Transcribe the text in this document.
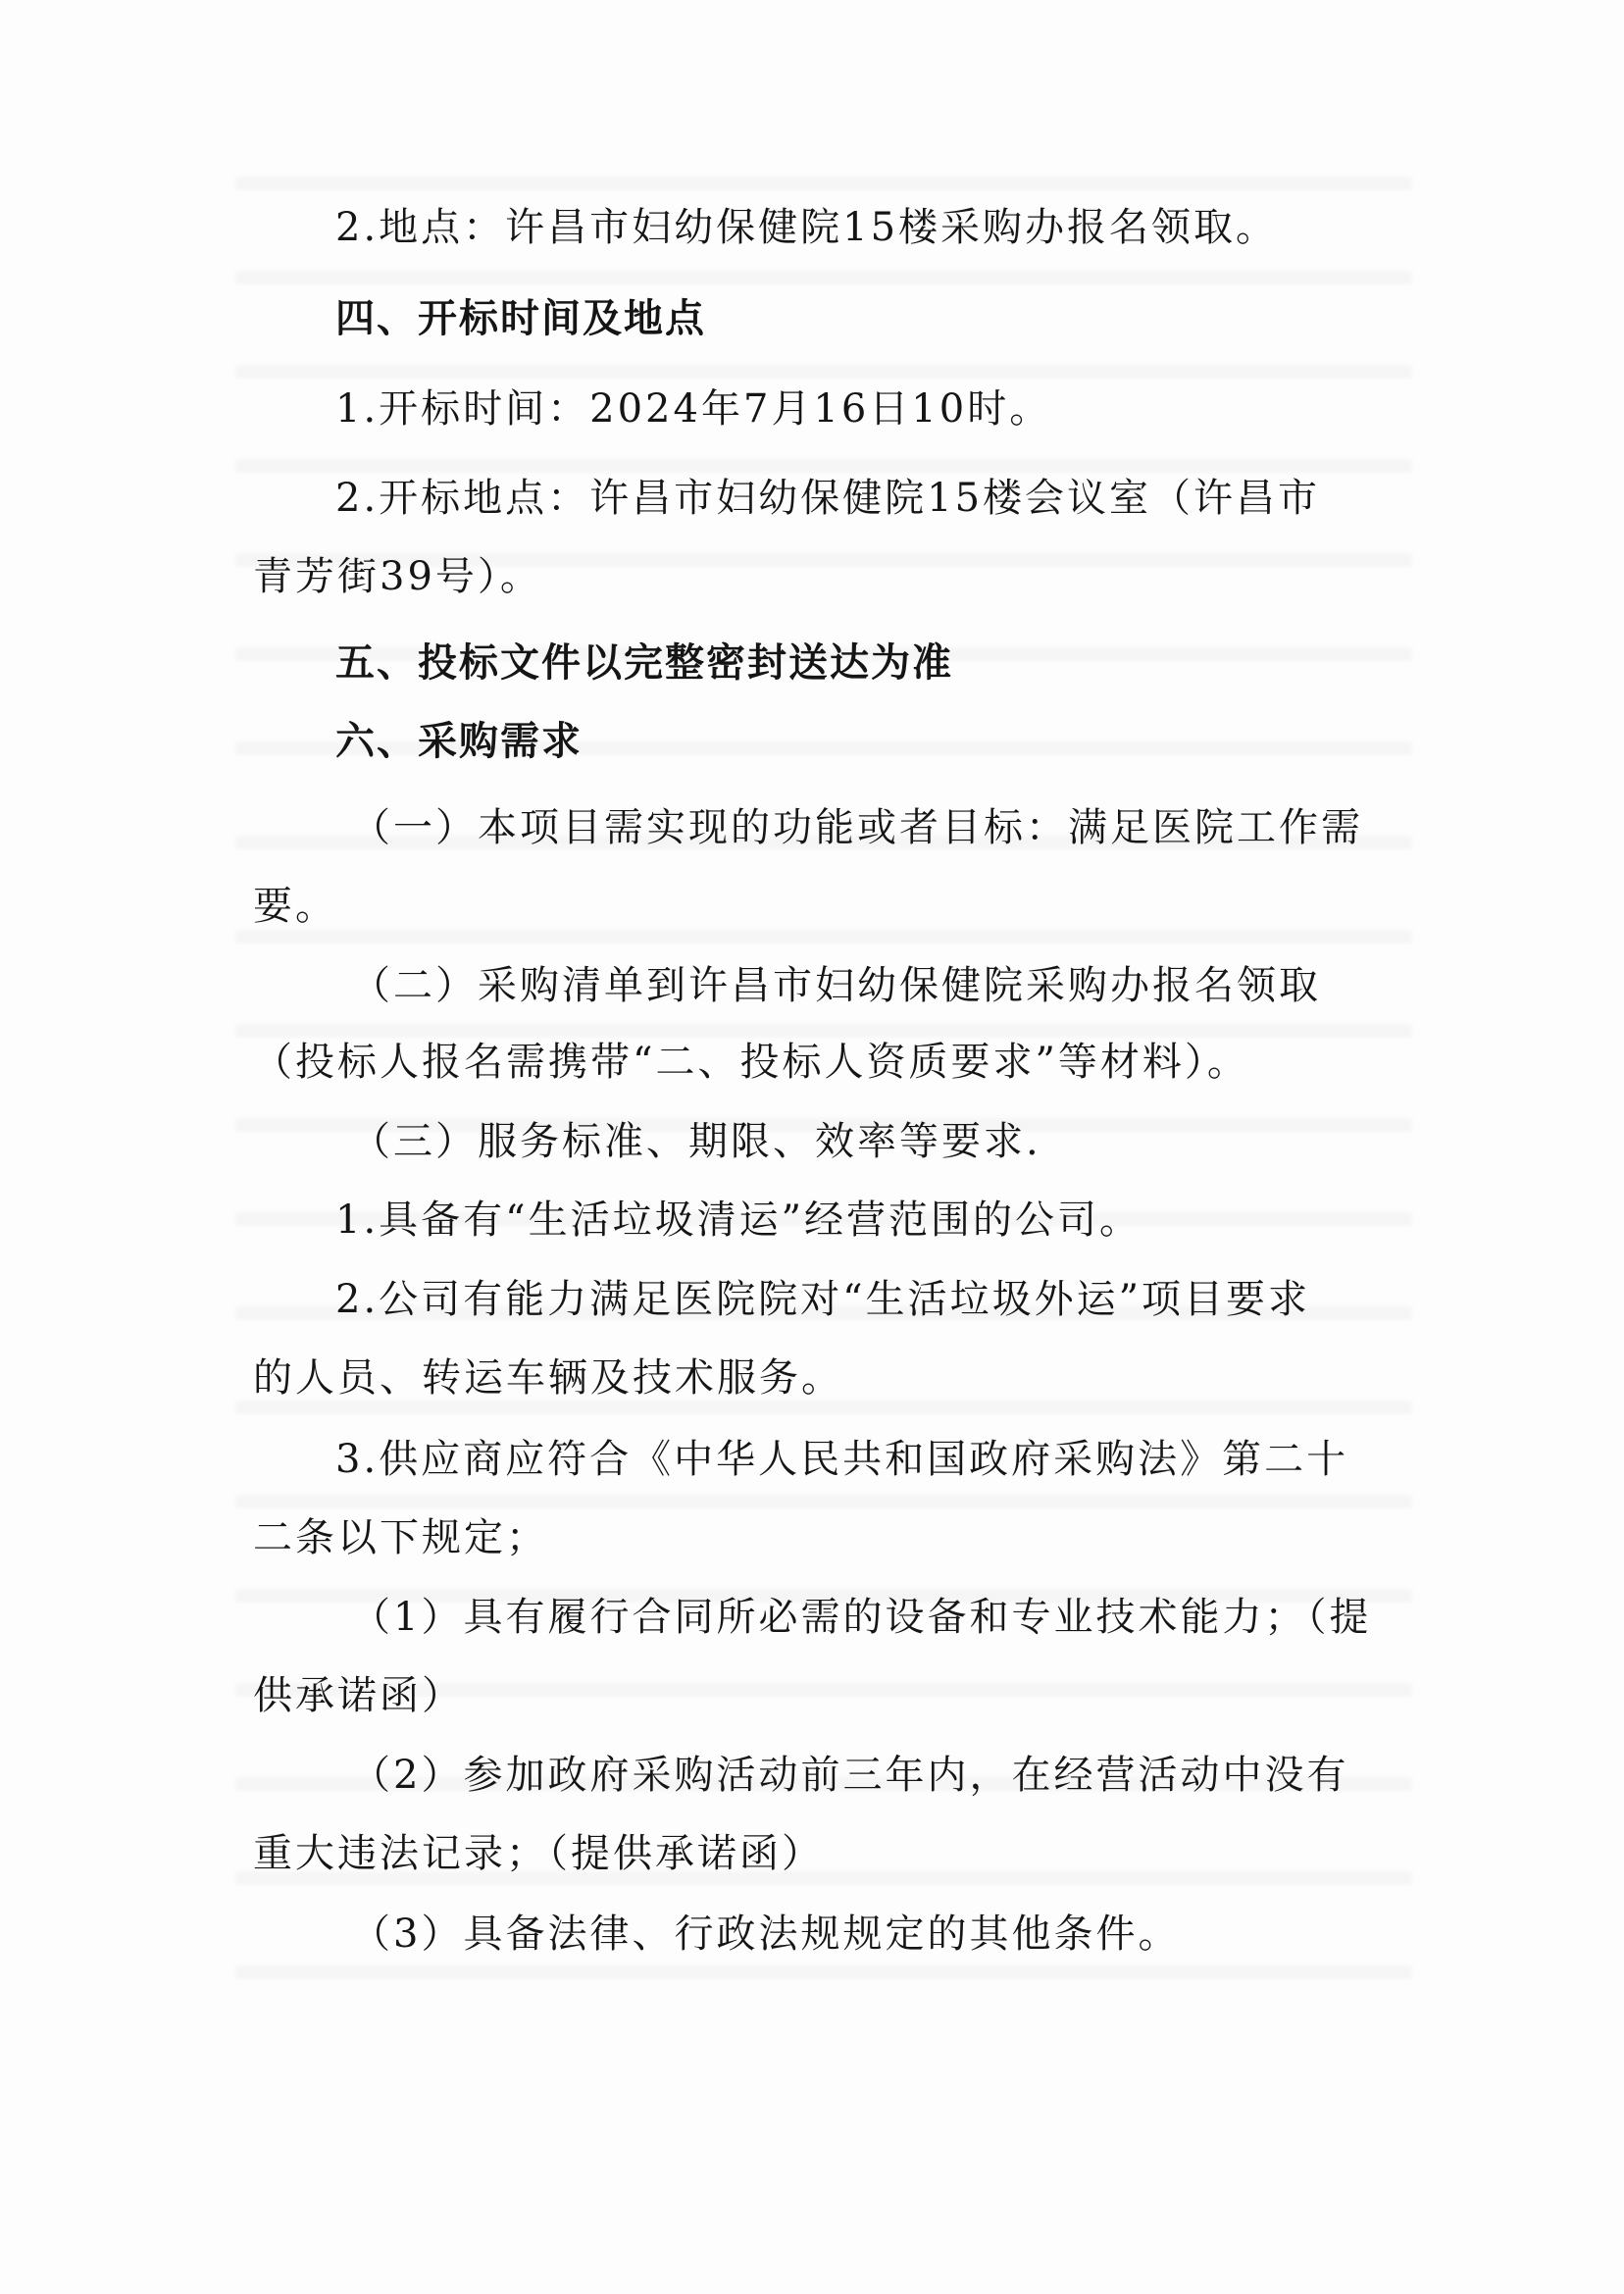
2.地点：许昌市妇幼保健院15楼采购办报名领取。
四、开标时间及地点
1.开标时间：2024年7月16日10时。
2.开标地点：许昌市妇幼保健院15楼会议室（许昌市
青芳街39号）。
五、投标文件以完整密封送达为准
六、采购需求
（一）本项目需实现的功能或者目标：满足医院工作需
要。
（二）采购清单到许昌市妇幼保健院采购办报名领取
（投标人报名需携带“二、投标人资质要求”等材料）。
（三）服务标准、期限、效率等要求.
1.具备有“生活垃圾清运”经营范围的公司。
2.公司有能力满足医院院对“生活垃圾外运”项目要求
的人员、转运车辆及技术服务。
3.供应商应符合《中华人民共和国政府采购法》第二十
二条以下规定；
（1）具有履行合同所必需的设备和专业技术能力；（提
供承诺函）
（2）参加政府采购活动前三年内，在经营活动中没有
重大违法记录；（提供承诺函）
（3）具备法律、行政法规规定的其他条件。
